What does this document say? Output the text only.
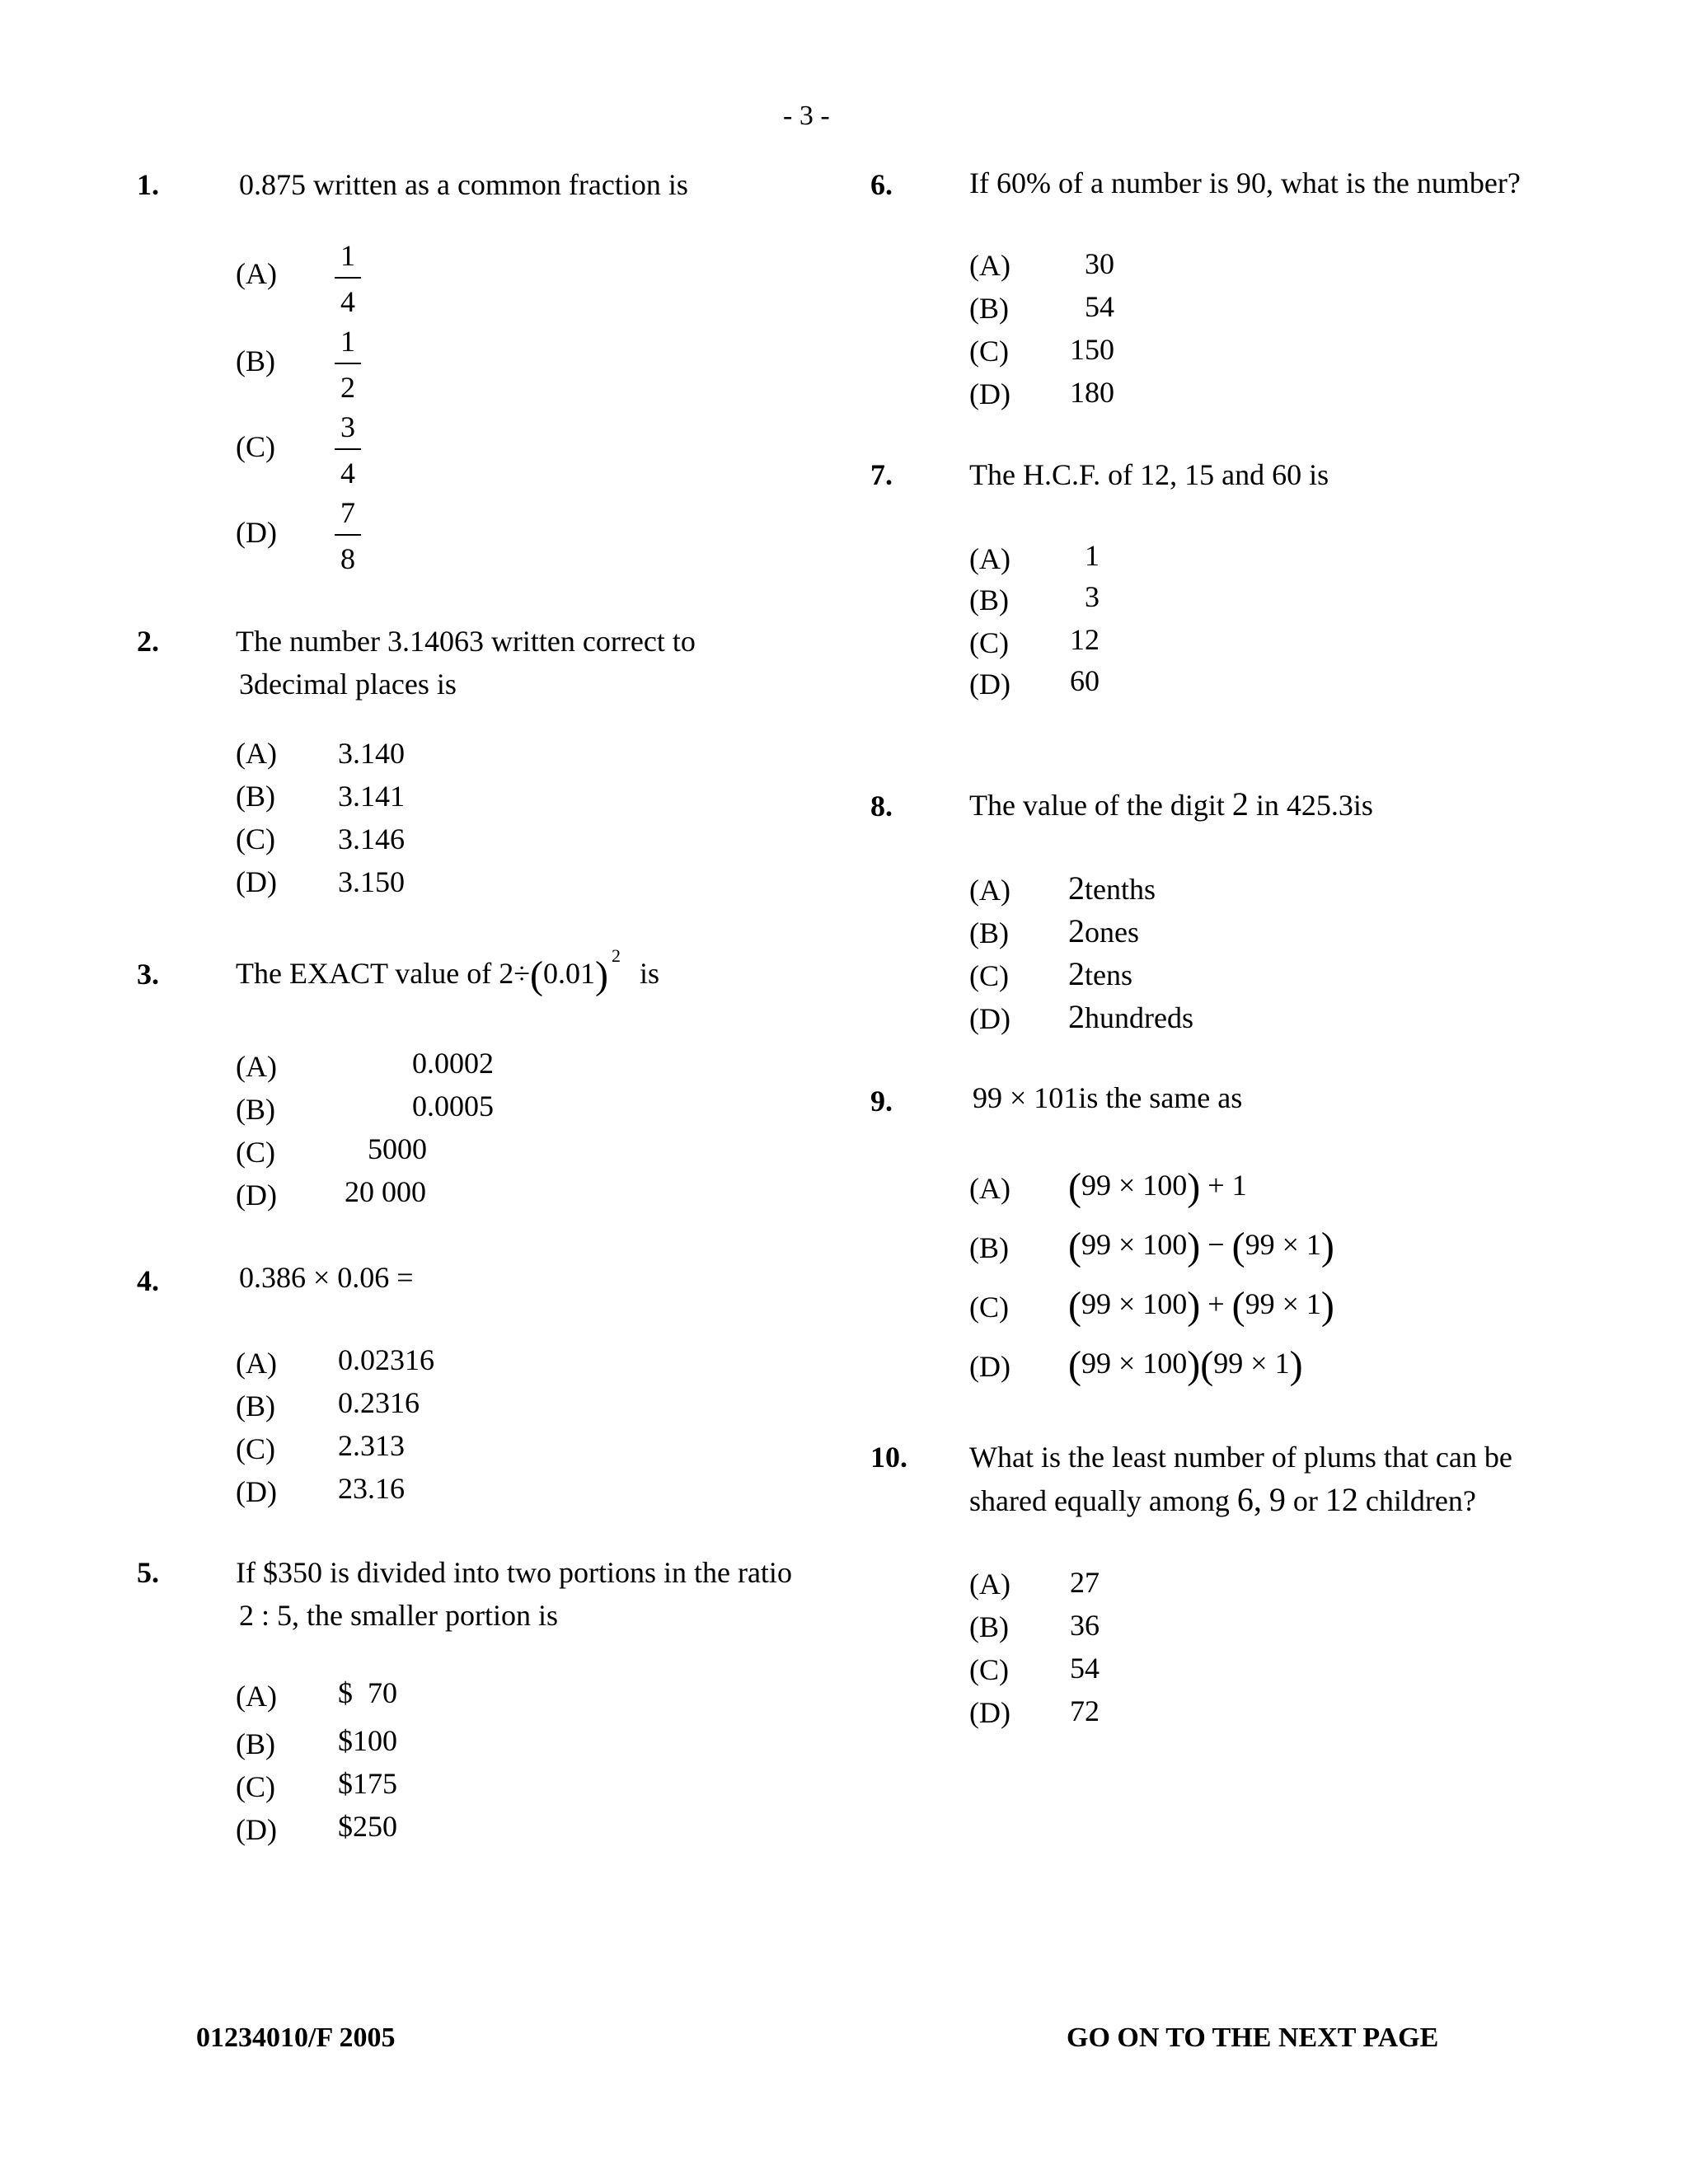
- 3 -
1.	0.875 written as a common fraction is
(A)
1
4
(B)
1
2
(C)
3
4
(D)
7
8
2.	The number 3.14063 written correct to
3decimal places is
(A) 3.140
(B) 3.141
(C) 3.146
(D) 3.150
3.	The EXACT value of 2÷(0.01) $^2$ is
(A)	0.0002
(B)	0.0005
(C)	5000
(D) 20 000
4.	0.386 × 0.06 =
(A) 0.02316
(B) 0.2316
(C) 2.313
(D) 23.16
5.	If $350 is divided into two portions in the ratio
2 : 5, the smaller portion is
(A) $  70
(B) $100
(C) $175
(D) $250
6.	If 60% of a number is 90, what is the number?
(A)	30
(B)	54
(C) 150
(D) 180
7.	The H.C.F. of 12, 15 and 60 is
(A)	1
(B)	3
(C) 12
(D) 60
8.	The value of the digit 2 in 425.3is
(A) 2tenths
(B) 2ones
(C) 2tens
(D) 2hundreds
9.	99 × 101is the same as
(A) (99 × 100) + 1
(B) (99 × 100) − (99 × 1)
(C) (99 × 100) + (99 × 1)
(D) (99 × 100)(99 × 1)
10. What is the least number of plums that can be
shared equally among 6, 9 or 12 children?
(A) 27
(B) 36
(C) 54
(D) 72
01234010/F 2005	GO ON TO THE NEXT PAGE
